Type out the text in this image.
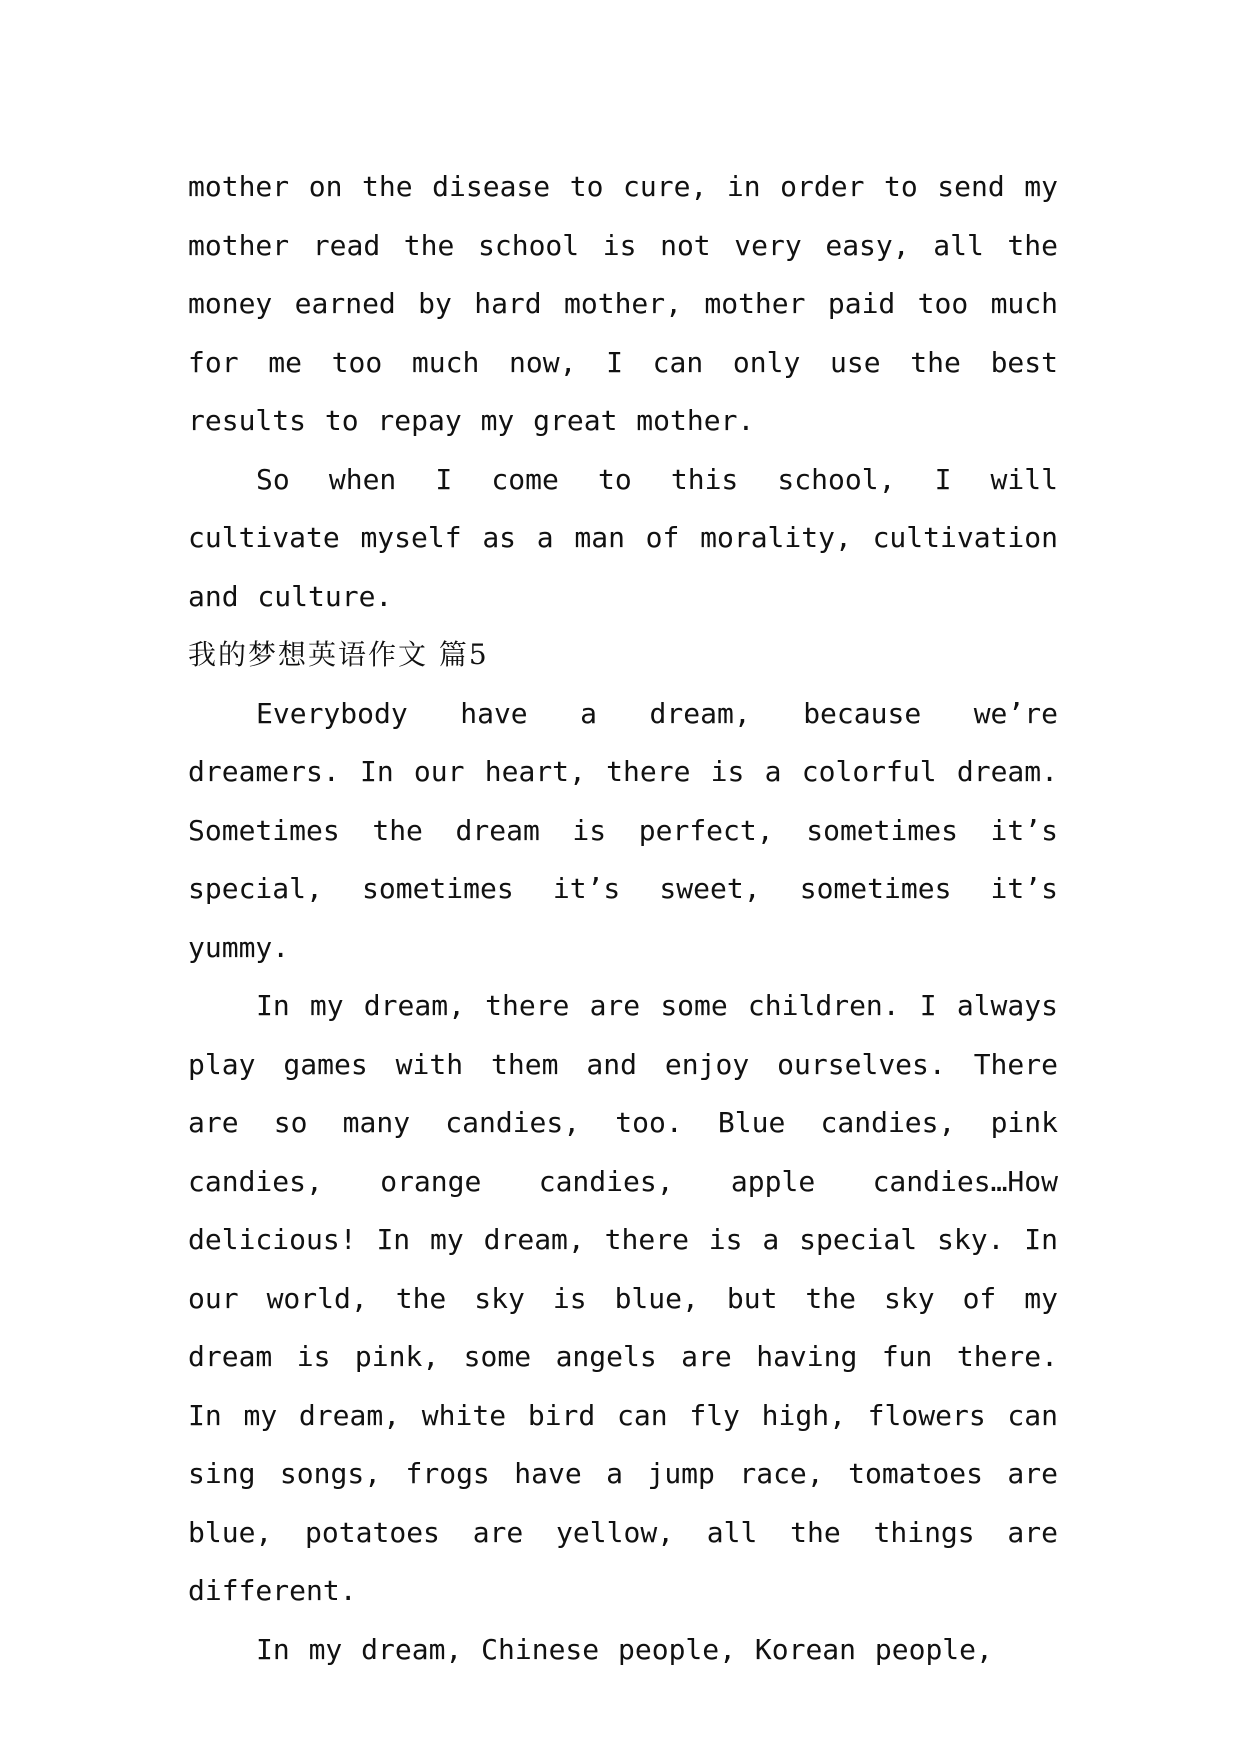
mother on the disease to cure, in order to send my mother read the school is not very easy, all the money earned by hard mother, mother paid too much for me too much now, I can only use the best results to repay my great mother.

So when I come to this school, I will cultivate myself as a man of morality, cultivation and culture.

我的梦想英语作文 篇5

Everybody have a dream, because we’re dreamers. In our heart, there is a colorful dream. Sometimes the dream is perfect, sometimes it’s special, sometimes it’s sweet, sometimes it’s yummy.

In my dream, there are some children. I always play games with them and enjoy ourselves. There are so many candies, too. Blue candies, pink candies, orange candies, apple candies…How delicious! In my dream, there is a special sky. In our world, the sky is blue, but the sky of my dream is pink, some angels are having fun there. In my dream, white bird can fly high, flowers can sing songs, frogs have a jump race, tomatoes are blue, potatoes are yellow, all the things are different.

In my dream, Chinese people, Korean people,
